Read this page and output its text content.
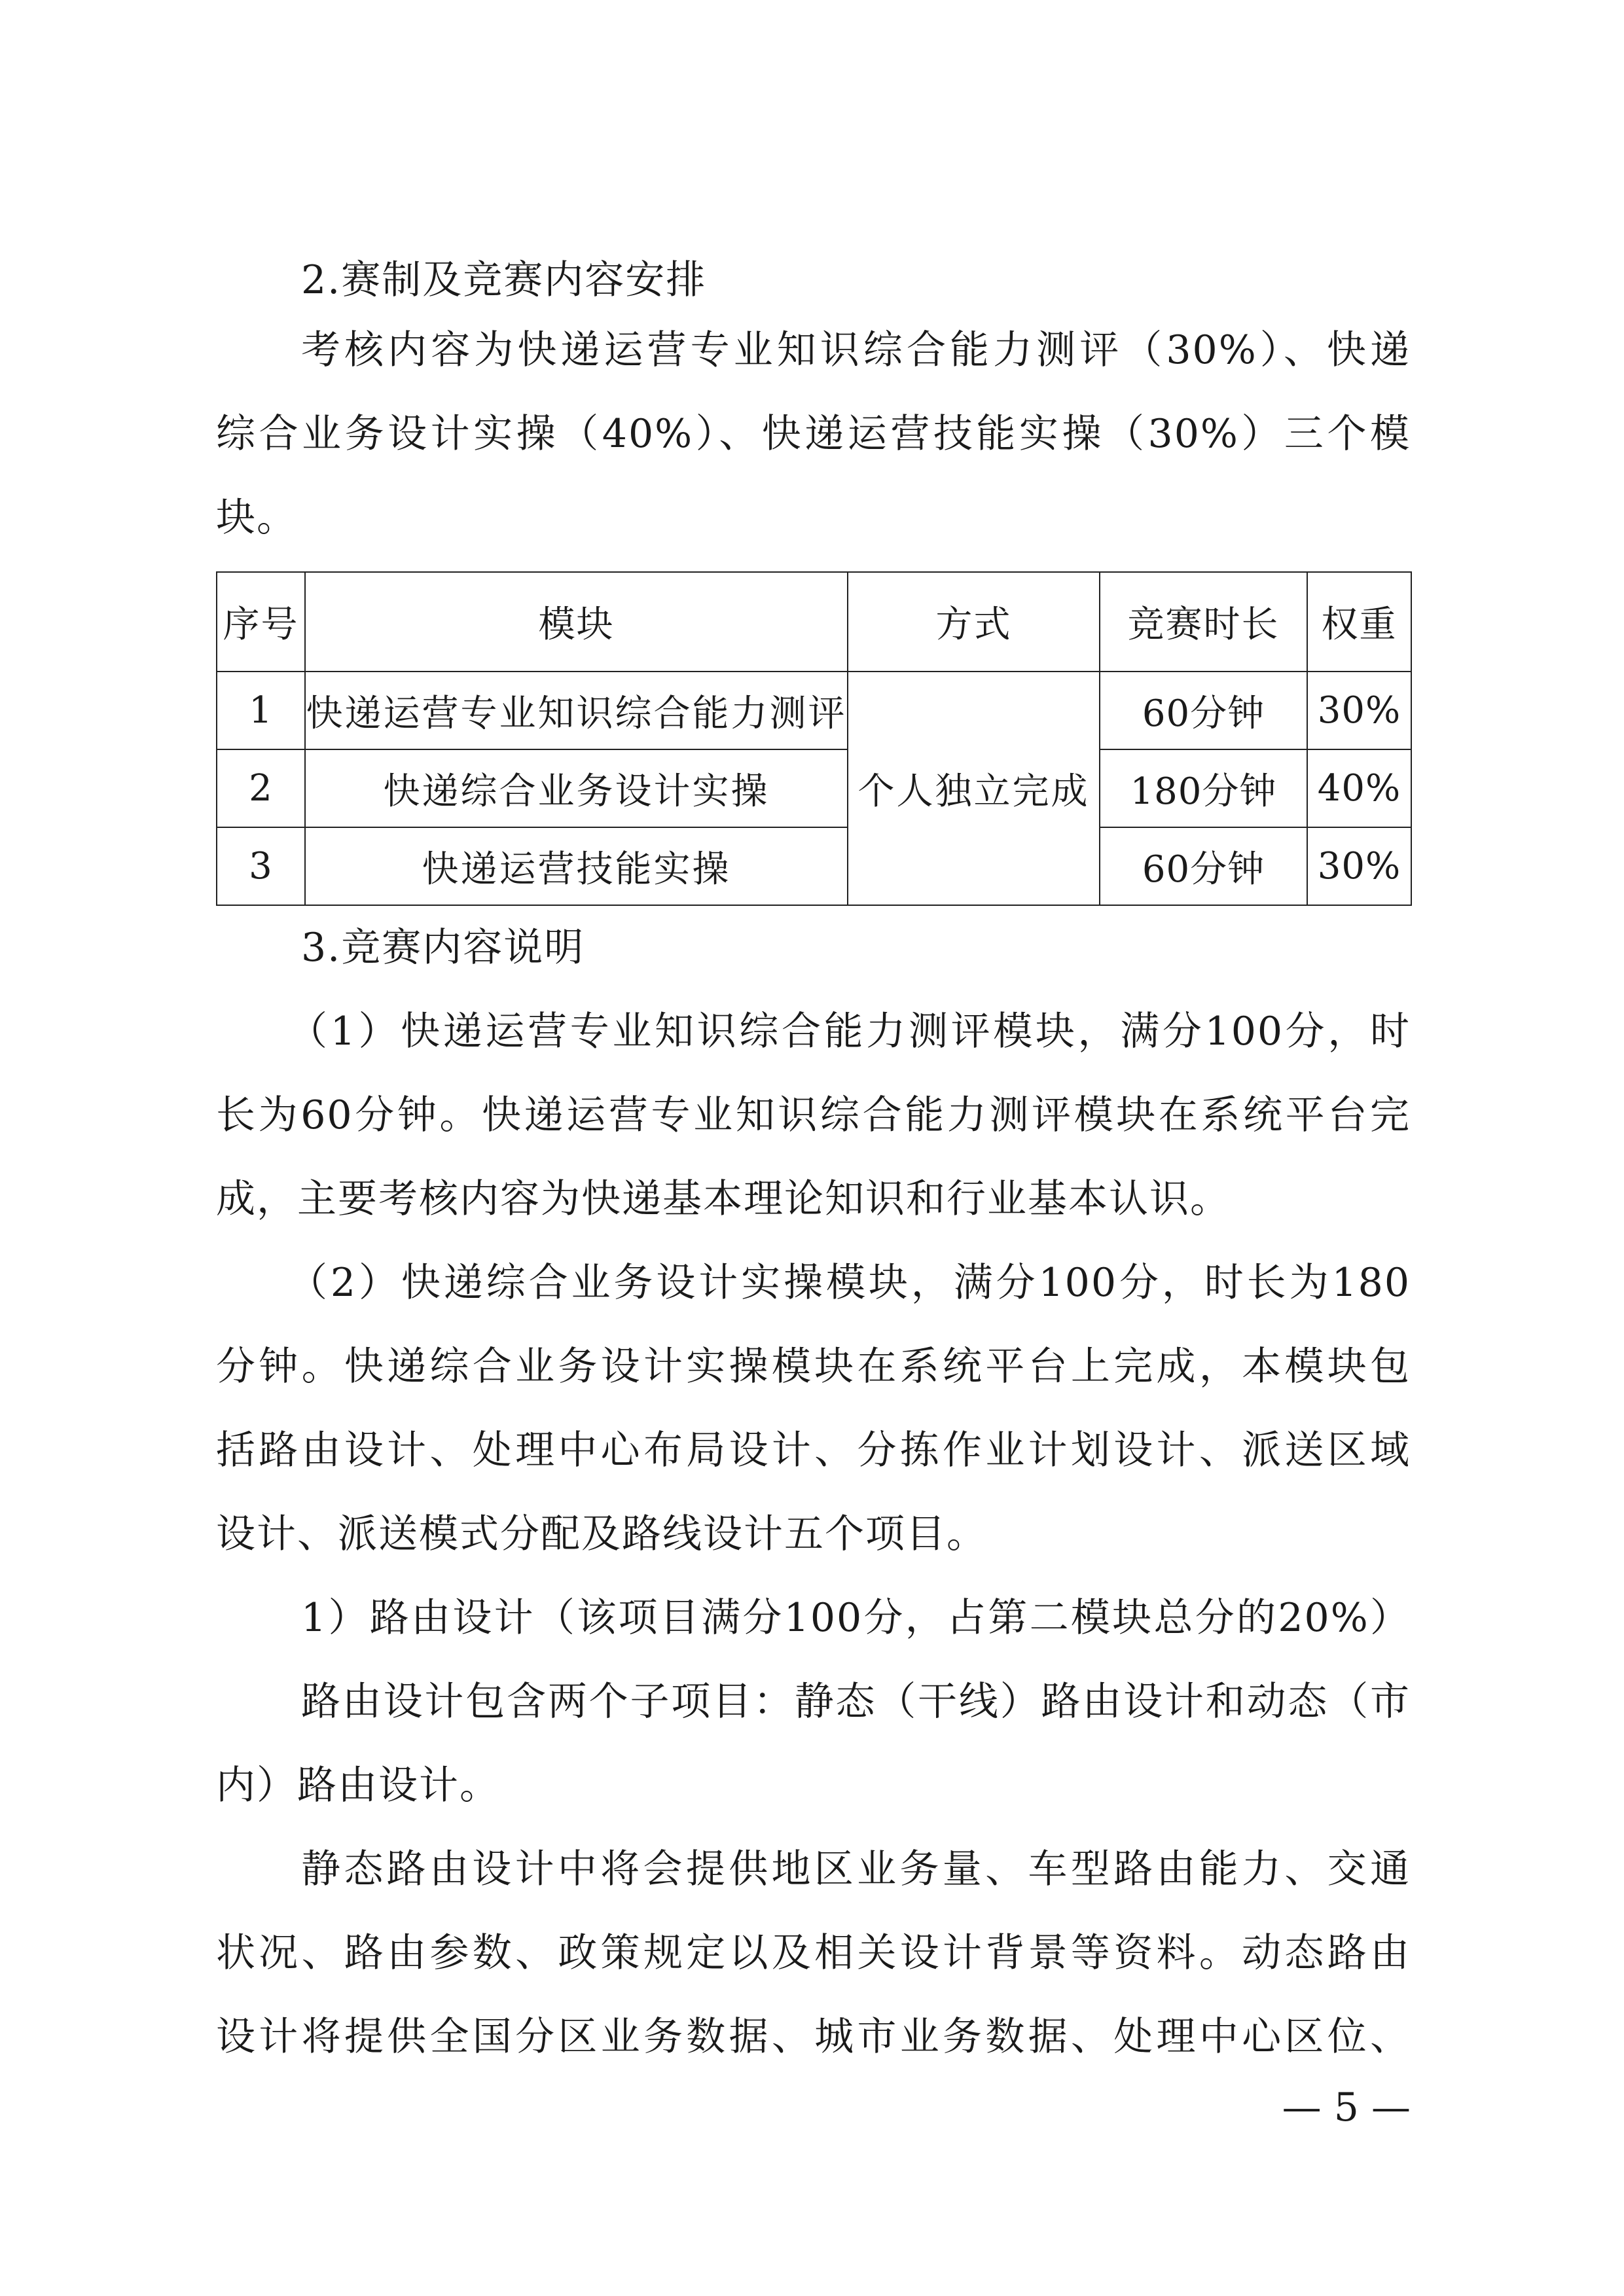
2.赛制及竞赛内容安排
考核内容为快递运营专业知识综合能力测评（30%）、快递
综合业务设计实操（40%）、快递运营技能实操（30%）三个模
块。
序号	模块	方式	竞赛时长	权重
1	快递运营专业知识综合能力测评	个人独立完成	60分钟	30%
2	快递综合业务设计实操		180分钟	40%
3	快递运营技能实操		60分钟	30%
3.竞赛内容说明
（1）快递运营专业知识综合能力测评模块，满分100分，时
长为60分钟。快递运营专业知识综合能力测评模块在系统平台完
成，主要考核内容为快递基本理论知识和行业基本认识。
（2）快递综合业务设计实操模块，满分100分，时长为180
分钟。快递综合业务设计实操模块在系统平台上完成，本模块包
括路由设计、处理中心布局设计、分拣作业计划设计、派送区域
设计、派送模式分配及路线设计五个项目。
1）路由设计（该项目满分100分，占第二模块总分的20%）
路由设计包含两个子项目：静态（干线）路由设计和动态（市
内）路由设计。
静态路由设计中将会提供地区业务量、车型路由能力、交通
状况、路由参数、政策规定以及相关设计背景等资料。动态路由
设计将提供全国分区业务数据、城市业务数据、处理中心区位、
— 5 —
